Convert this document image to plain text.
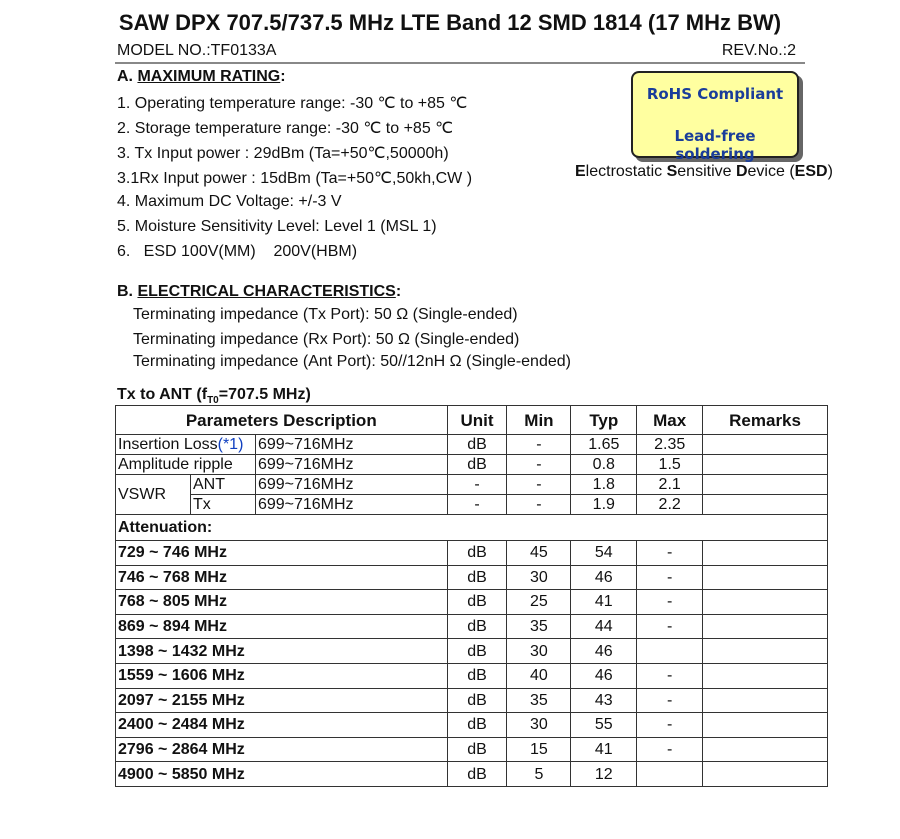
SAW DPX 707.5/737.5 MHz LTE Band 12 SMD 1814 (17 MHz BW)
MODEL NO.:TF0133A	REV.No.:2
A. MAXIMUM RATING:
1. Operating temperature range: -30 ℃ to +85 ℃
2. Storage temperature range: -30 ℃ to +85 ℃
3. Tx Input power : 29dBm (Ta=+50℃,50000h)
3.1Rx Input power : 15dBm (Ta=+50℃,50kh,CW )
4. Maximum DC Voltage: +/-3 V
5. Moisture Sensitivity Level: Level 1 (MSL 1)
6.   ESD 100V(MM)    200V(HBM)
RoHS Compliant
Lead-free soldering
Electrostatic Sensitive Device (ESD)
B. ELECTRICAL CHARACTERISTICS:
Terminating impedance (Tx Port): 50 Ω (Single-ended)
Terminating impedance (Rx Port): 50 Ω (Single-ended)
Terminating impedance (Ant Port): 50//12nH Ω (Single-ended)
Tx to ANT ($f_{T0}=707.5$ MHz)
Parameters Description			Unit	Min	Typ	Max	Remarks
Insertion Loss(*1)		699~716MHz	dB	-	1.65	2.35	
Amplitude ripple		699~716MHz	dB	-	0.8	1.5	
VSWR	ANT	699~716MHz	-	-	1.8	2.1	
	Tx	699~716MHz	-	-	1.9	2.2	
Attenuation:							
729 ~ 746 MHz			dB	45	54	-	
746 ~ 768 MHz			dB	30	46	-	
768 ~ 805 MHz			dB	25	41	-	
869 ~ 894 MHz			dB	35	44	-	
1398 ~ 1432 MHz			dB	30	46		
1559 ~ 1606 MHz			dB	40	46	-	
2097 ~ 2155 MHz			dB	35	43	-	
2400 ~ 2484 MHz			dB	30	55	-	
2796 ~ 2864 MHz			dB	15	41	-	
4900 ~ 5850 MHz			dB	5	12		
